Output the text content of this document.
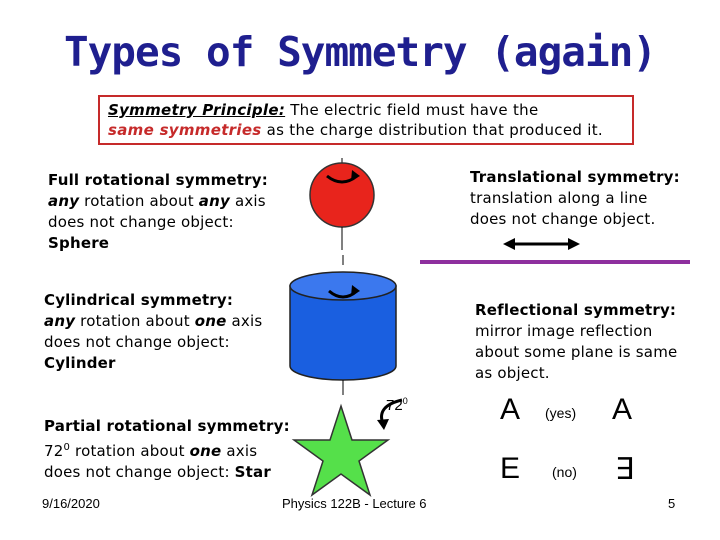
Types of Symmetry (again)
Symmetry Principle: The electric field must have the
same symmetries as the charge distribution that produced it.
Full rotational symmetry:
any rotation about any axis
does not change object:
Sphere
Translational symmetry:
translation along a line
does not change object.
Cylindrical symmetry:
any rotation about one axis
does not change object:
Cylinder
Reflectional symmetry:
mirror image reflection
about some plane is same
as object.
Partial rotational symmetry:
$72^0$ rotation about one axis
does not change object: Star
$72^0$	A (yes) A
E (no) ∃
9/16/2020	Physics 122B - Lecture 6	5
